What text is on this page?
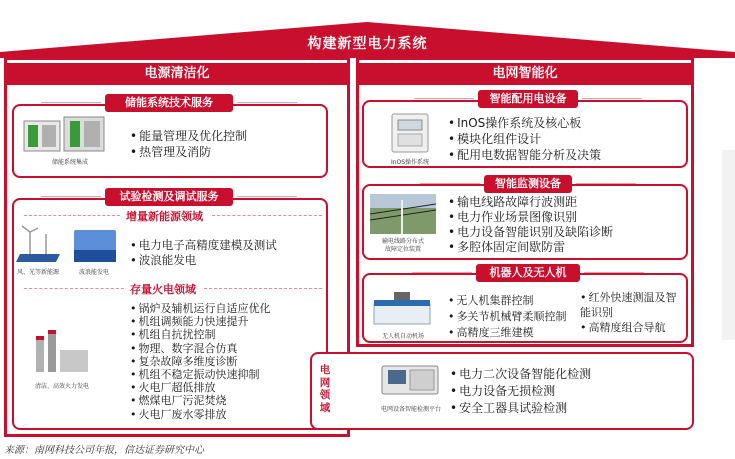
构建新型电力系统
电源清洁化	电网智能化
储能系统技术服务
储能系统集成
• 能量管理及优化控制
• 热管理及消防
试验检测及调试服务
增量新能源领域
风、光等新能源	波浪能发电
• 电力电子高精度建模及测试
• 波浪能发电
存量火电领域
清洁、高效火力发电
• 锅炉及辅机运行自适应优化
• 机组调频能力快速提升
• 机组自抗扰控制
• 物理、数字混合仿真
• 复杂故障多维度诊断
• 机组不稳定振动快速抑制
• 火电厂超低排放
• 燃煤电厂污泥焚烧
• 火电厂废水零排放
智能配用电设备
InOS操作系统
• InOS操作系统及核心板
• 模块化组件设计
• 配用电数据智能分析及决策
智能监测设备
输电线路分布式
故障定位装置
• 输电线路故障行波测距
• 电力作业场景图像识别
• 电力设备智能识别及缺陷诊断
• 多腔体固定间歇防雷
机器人及无人机
无人机自动机场
• 无人机集群控制
• 多关节机械臂柔顺控制
• 高精度三维建模
• 红外快速测温及智能识别
• 高精度组合导航
电
网
领
域	电网设备智能检测平台
• 电力二次设备智能化检测
• 电力设备无损检测
• 安全工器具试验检测
来源：南网科技公司年报，信达证券研究中心
